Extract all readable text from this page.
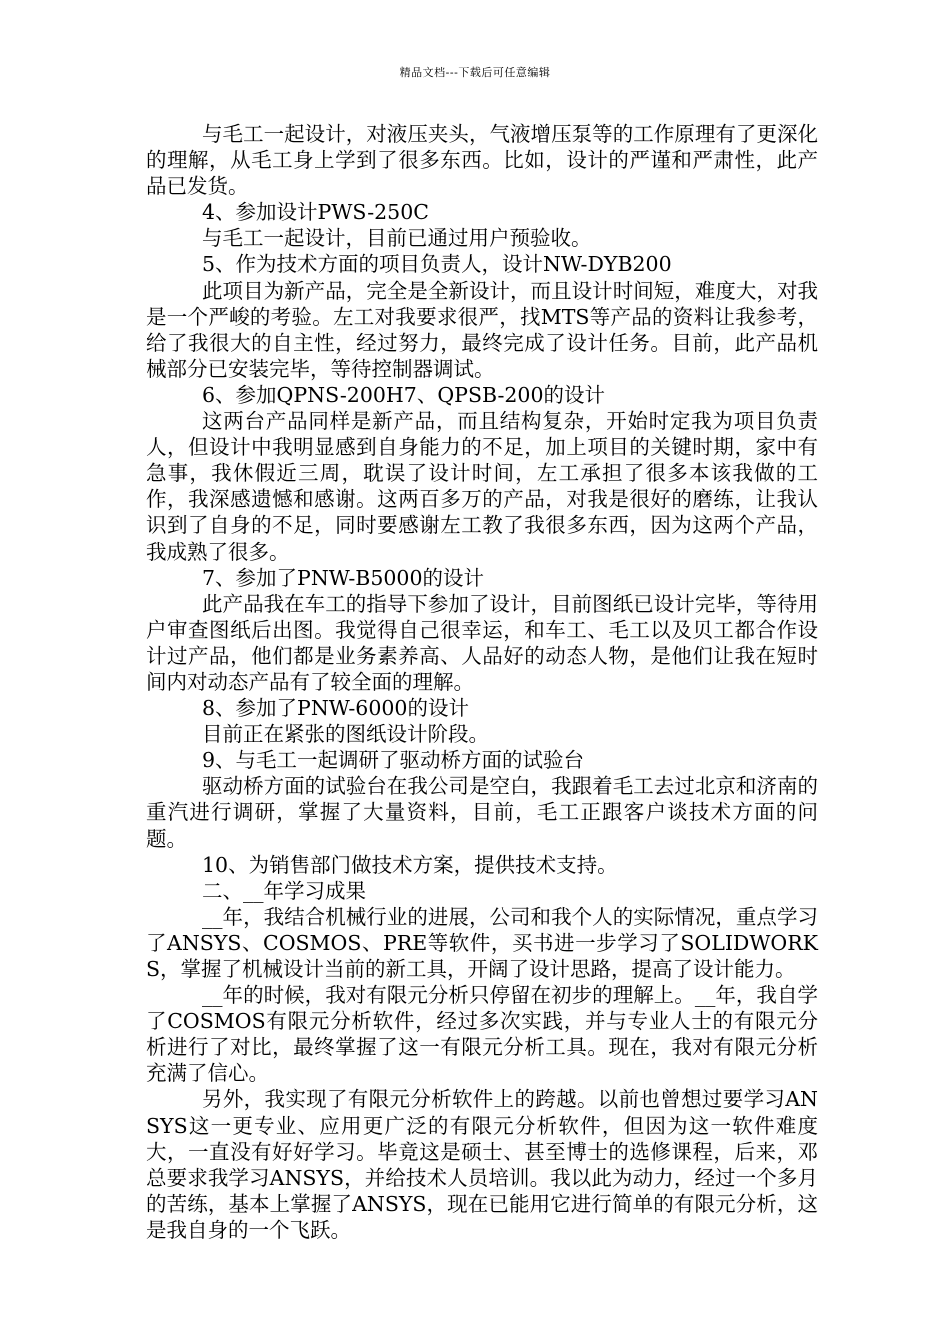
精品文档---下载后可任意编辑

与毛工一起设计，对液压夹头，气液增压泵等的工作原理有了更深化的理解，从毛工身上学到了很多东西。比如，设计的严谨和严肃性，此产品已发货。

4、参加设计PWS-250C

与毛工一起设计，目前已通过用户预验收。

5、作为技术方面的项目负责人，设计NW-DYB200

此项目为新产品，完全是全新设计，而且设计时间短，难度大，对我是一个严峻的考验。左工对我要求很严，找MTS等产品的资料让我参考，给了我很大的自主性，经过努力，最终完成了设计任务。目前，此产品机械部分已安装完毕，等待控制器调试。

6、参加QPNS-200H7、QPSB-200的设计

这两台产品同样是新产品，而且结构复杂，开始时定我为项目负责人，但设计中我明显感到自身能力的不足，加上项目的关键时期，家中有急事，我休假近三周，耽误了设计时间，左工承担了很多本该我做的工作，我深感遗憾和感谢。这两百多万的产品，对我是很好的磨练，让我认识到了自身的不足，同时要感谢左工教了我很多东西，因为这两个产品，我成熟了很多。

7、参加了PNW-B5000的设计

此产品我在车工的指导下参加了设计，目前图纸已设计完毕，等待用户审查图纸后出图。我觉得自己很幸运，和车工、毛工以及贝工都合作设计过产品，他们都是业务素养高、人品好的动态人物，是他们让我在短时间内对动态产品有了较全面的理解。

8、参加了PNW-6000的设计

目前正在紧张的图纸设计阶段。

9、与毛工一起调研了驱动桥方面的试验台

驱动桥方面的试验台在我公司是空白，我跟着毛工去过北京和济南的重汽进行调研，掌握了大量资料，目前，毛工正跟客户谈技术方面的问题。

10、为销售部门做技术方案，提供技术支持。

二、__年学习成果

__年，我结合机械行业的进展，公司和我个人的实际情况，重点学习了ANSYS、COSMOS、PRE等软件，买书进一步学习了SOLIDWORKS，掌握了机械设计当前的新工具，开阔了设计思路，提高了设计能力。

__年的时候，我对有限元分析只停留在初步的理解上。__年，我自学了COSMOS有限元分析软件，经过多次实践，并与专业人士的有限元分析进行了对比，最终掌握了这一有限元分析工具。现在，我对有限元分析充满了信心。

另外，我实现了有限元分析软件上的跨越。以前也曾想过要学习ANSYS这一更专业、应用更广泛的有限元分析软件，但因为这一软件难度大，一直没有好好学习。毕竟这是硕士、甚至博士的选修课程，后来，邓总要求我学习ANSYS，并给技术人员培训。我以此为动力，经过一个多月的苦练，基本上掌握了ANSYS，现在已能用它进行简单的有限元分析，这是我自身的一个飞跃。
